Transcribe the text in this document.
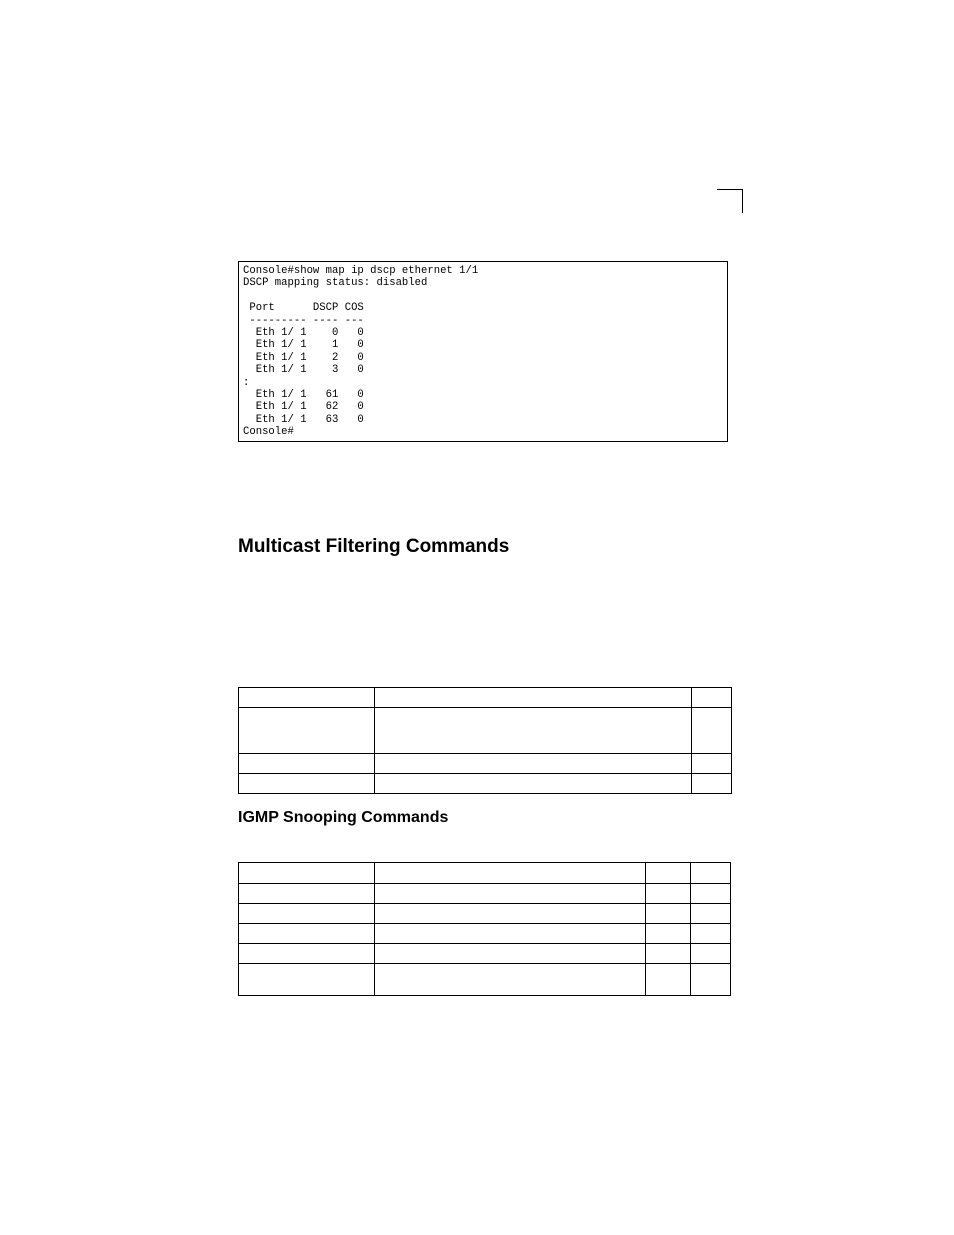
Console#show map ip dscp ethernet 1/1
DSCP mapping status: disabled

Port      DSCP COS
--------- ---- ---
Eth 1/ 1    0   0
Eth 1/ 1    1   0
Eth 1/ 1    2   0
Eth 1/ 1    3   0
:
Eth 1/ 1   61   0
Eth 1/ 1   62   0
Eth 1/ 1   63   0
Console#
Multicast Filtering Commands

IGMP Snooping Commands
